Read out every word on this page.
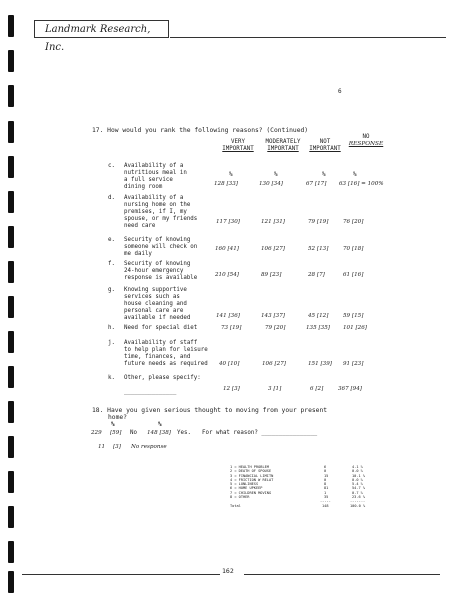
Landmark Research, Inc.
6
17. How would you rank the following reasons? (Continued)
VERY
IMPORTANT
MODERATELY
IMPORTANT
NOT
IMPORTANT
NO
RESPONSE
c. Availability of a
nutritious meal in
a full service
dining room
%	%	%	%
128 [33]	130 [34]	67 [17] 63 [16] = 100%
d. Availability of a
nursing home on the
premises, if I, my
spouse, or my friends
need care
117 [30]	121 [31]	79 [19]	76 [20]
e. Security of knowing
someone will check on
me daily
160 [41]	106 [27]	52 [13]	70 [18]
f. Security of knowing
24-hour emergency
response is available	210 [54]	89 [23]	28 [7]	61 [16]
g. Knowing supportive
services such as
house cleaning and
personal care are
available if needed	141 [36]	143 [37]	45 [12]	59 [15]
h. Need for special diet	73 [19]	79 [20]	135 [35] 101 [26]
j. Availability of staff
to help plan for leisure
time, finances, and
future needs as required 40 [10]	106 [27]	151 [39] 91 [23]
k. Other, please specify:

_______________	12 [3]	3 [1]	6 [2]	367 [94]
18. Have you given serious thought to moving from your present
home?
%	%
229 [59] No 148 [38] Yes. For what reason? ________________
11 [3] No response
1 = HEALTH PROBLEM	6	4.1 %
2 = DEATH OF SPOUSE	0	0.0 %
3 = FINANCIAL LIMITN	15	10.1 %
4 = FRICTION W RELAT	0	0.0 %
5 = LONLINESS	8	5.4 %
6 = HOME UPKEEP	81	54.7 %
7 = CHILDREN MOVING	1	0.7 %
8 = OTHER	35	23.6 %
-----	-------
Total	148	100.0 %
162
